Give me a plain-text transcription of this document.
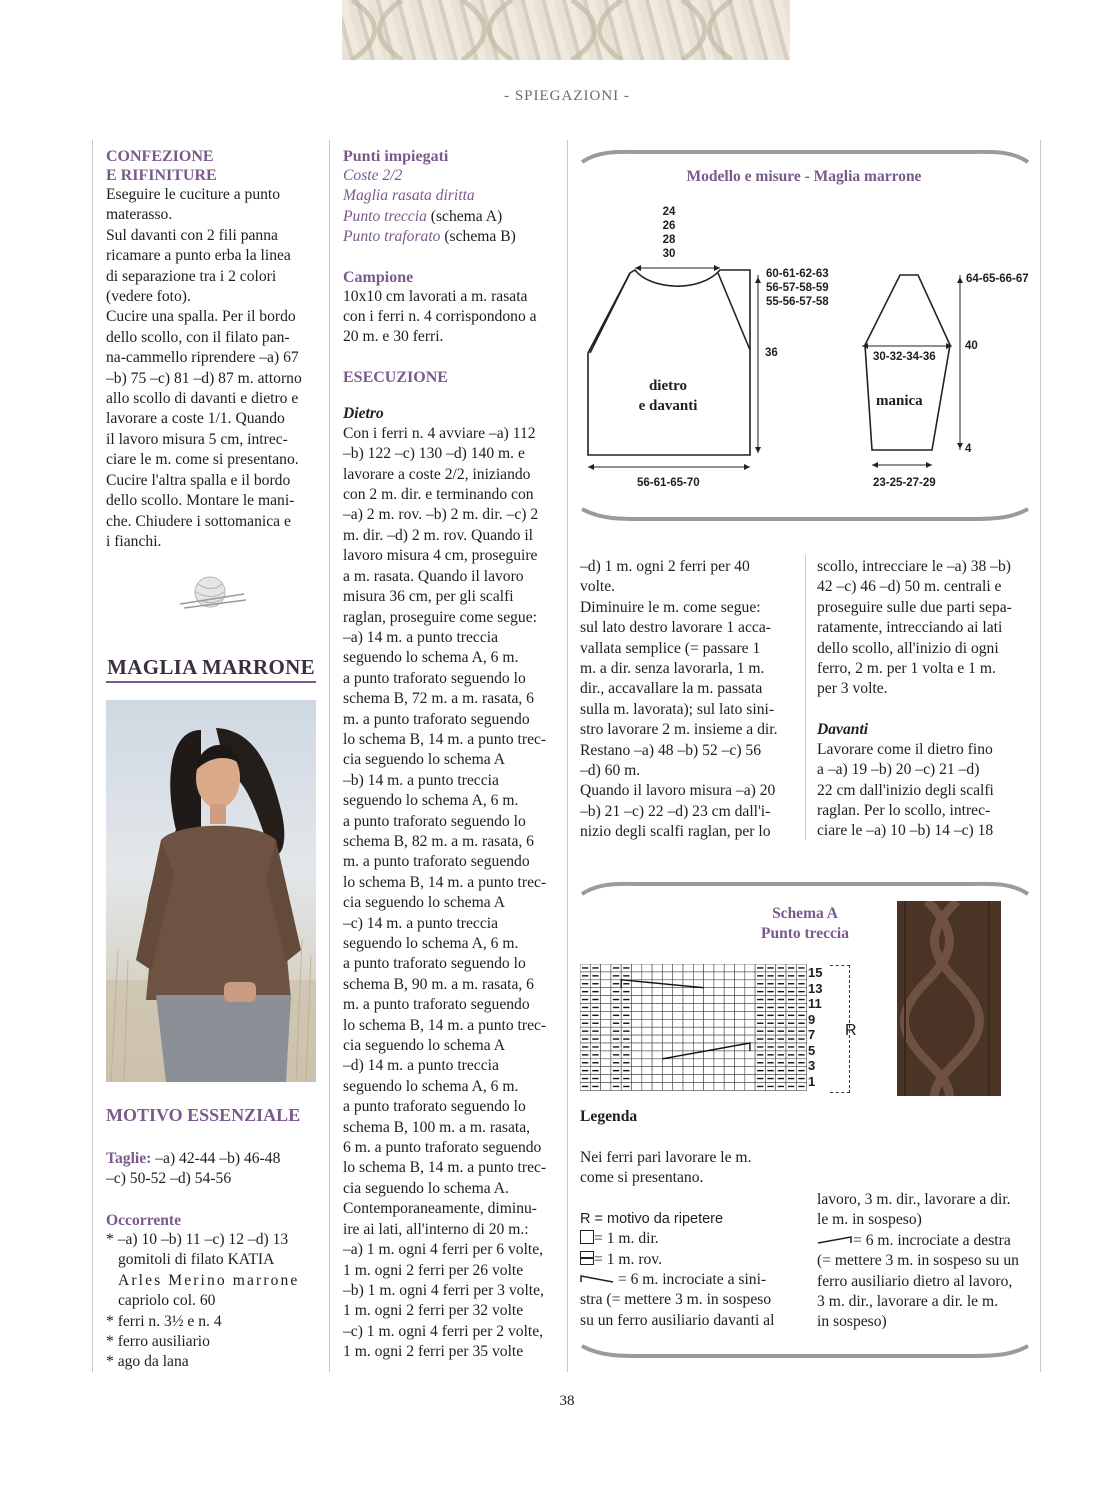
- SPIEGAZIONI -
CONFEZIONE
E RIFINITURE

Eseguire le cuciture a punto

materasso.

Sul davanti con 2 fili panna

ricamare a punto erba la linea

di separazione tra i 2 colori

(vedere foto).

Cucire una spalla. Per il bordo

dello scollo, con il filato pan-

na-cammello riprendere –a) 67

–b) 75 –c) 81 –d) 87 m. attorno

allo scollo di davanti e dietro e

lavorare a coste 1/1. Quando

il lavoro misura 5 cm, intrec-

ciare le m. come si presentano.

Cucire l'altra spalla e il bordo

dello scollo. Montare le mani-

che. Chiudere i sottomanica e

i fianchi.

MAGLIA MARRONE
MOTIVO ESSENZIALE

Taglie: –a) 42-44 –b) 46-48

–c) 50-52 –d) 54-56

Occorrente

* –a) 10 –b) 11 –c) 12 –d) 13

gomitoli di filato KATIA

Arles Merino marrone

capriolo col. 60

* ferri n. 3½ e n. 4

* ferro ausiliario

* ago da lana

Punti impiegati

Coste 2/2

Maglia rasata diritta

Punto treccia (schema A)

Punto traforato (schema B)

Campione

10x10 cm lavorati a m. rasata

con i ferri n. 4 corrispondono a

20 m. e 30 ferri.

ESECUZIONE
Dietro

Con i ferri n. 4 avviare –a) 112

–b) 122 –c) 130 –d) 140 m. e

lavorare a coste 2/2, iniziando

con 2 m. dir. e terminando con

–a) 2 m. rov. –b) 2 m. dir. –c) 2

m. dir. –d) 2 m. rov. Quando il

lavoro misura 4 cm, proseguire

a m. rasata. Quando il lavoro

misura 36 cm, per gli scalfi

raglan, proseguire come segue:

–a) 14 m. a punto treccia

seguendo lo schema A, 6 m.

a punto traforato seguendo lo

schema B, 72 m. a m. rasata, 6

m. a punto traforato seguendo

lo schema B, 14 m. a punto trec-

cia seguendo lo schema A

–b) 14 m. a punto treccia

seguendo lo schema A, 6 m.

a punto traforato seguendo lo

schema B, 82 m. a m. rasata, 6

m. a punto traforato seguendo

lo schema B, 14 m. a punto trec-

cia seguendo lo schema A

–c) 14 m. a punto treccia

seguendo lo schema A, 6 m.

a punto traforato seguendo lo

schema B, 90 m. a m. rasata, 6

m. a punto traforato seguendo

lo schema B, 14 m. a punto trec-

cia seguendo lo schema A

–d) 14 m. a punto treccia

seguendo lo schema A, 6 m.

a punto traforato seguendo lo

schema B, 100 m. a m. rasata,

6 m. a punto traforato seguendo

lo schema B, 14 m. a punto trec-

cia seguendo lo schema A.

Contemporaneamente, diminu-

ire ai lati, all'interno di 20 m.:

–a) 1 m. ogni 4 ferri per 6 volte,

1 m. ogni 2 ferri per 26 volte

–b) 1 m. ogni 4 ferri per 3 volte,

1 m. ogni 2 ferri per 32 volte

–c) 1 m. ogni 4 ferri per 2 volte,

1 m. ogni 2 ferri per 35 volte

Modello e misure - Maglia marrone
24
26
28
30
60-61-62-63
56-57-58-59
55-56-57-58
36
dietro
e davanti
56-61-65-70
64-65-66-67
40
30-32-34-36
manica
4
23-25-27-29

–d) 1 m. ogni 2 ferri per 40

volte.

Diminuire le m. come segue:

sul lato destro lavorare 1 acca-

vallata semplice (= passare 1

m. a dir. senza lavorarla, 1 m.

dir., accavallare la m. passata

sulla m. lavorata); sul lato sini-

stro lavorare 2 m. insieme a dir.

Restano –a) 48 –b) 52 –c) 56

–d) 60 m.

Quando il lavoro misura –a) 20

–b) 21 –c) 22 –d) 23 cm dall'i-

nizio degli scalfi raglan, per lo

scollo, intrecciare le –a) 38 –b)

42 –c) 46 –d) 50 m. centrali e

proseguire sulle due parti sepa-

ratamente, intrecciando ai lati

dello scollo, all'inizio di ogni

ferro, 2 m. per 1 volta e 1 m.

per 3 volte.

Davanti

Lavorare come il dietro fino

a –a) 19 –b) 20 –c) 21 –d)

22 cm dall'inizio degli scalfi

raglan. Per lo scollo, intrec-

ciare le –a) 10 –b) 14 –c) 18

Schema A
Punto treccia
15
13
11
9
7
5
3
1
R
Legenda

Nei ferri pari lavorare le m.

come si presentano.

R = motivo da ripetere

= 1 m. dir.

= 1 m. rov.

= 6 m. incrociate a sini-

stra (= mettere 3 m. in sospeso

su un ferro ausiliario davanti al

lavoro, 3 m. dir., lavorare a dir.

le m. in sospeso)

= 6 m. incrociate a destra

(= mettere 3 m. in sospeso su un

ferro ausiliario dietro al lavoro,

3 m. dir., lavorare a dir. le m.

in sospeso)

38
